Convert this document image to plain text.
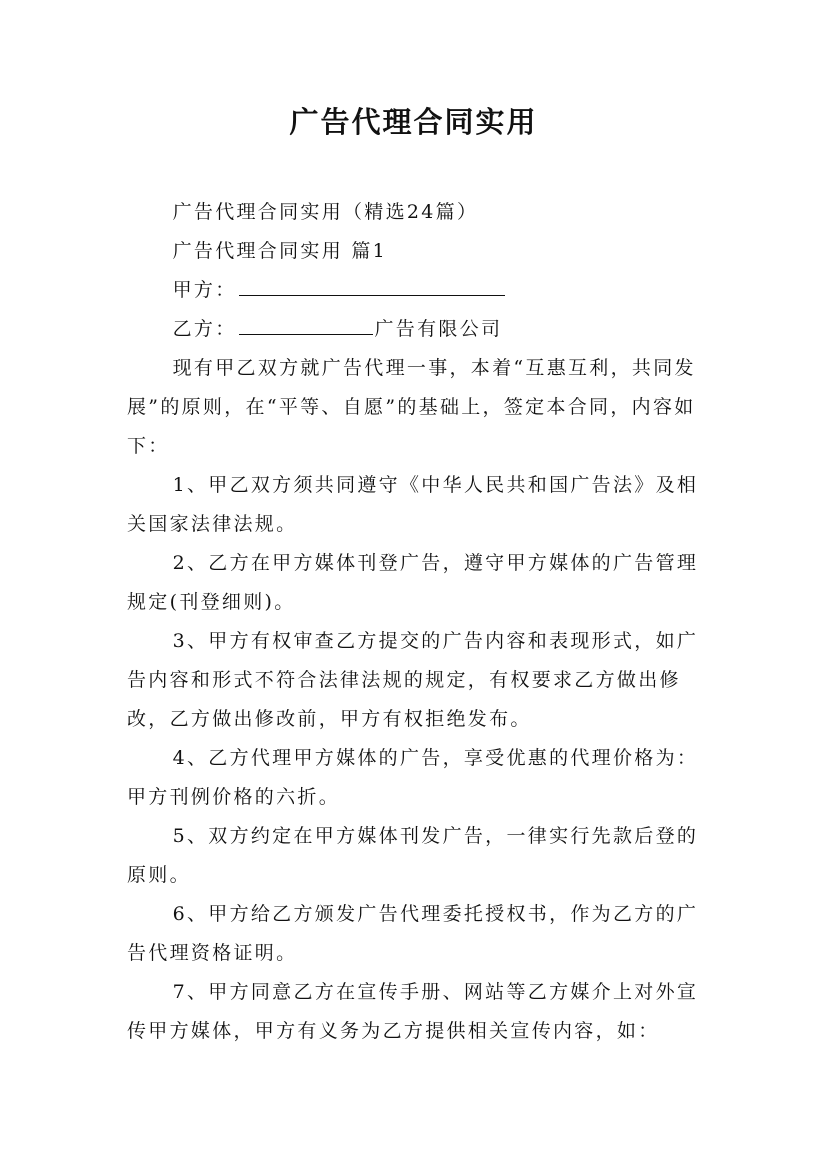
广告代理合同实用

广告代理合同实用（精选24篇）

广告代理合同实用 篇1

甲方：

乙方：	广告有限公司

现有甲乙双方就广告代理一事，本着“互惠互利，共同发展”的原则，在“平等、自愿”的基础上，签定本合同，内容如下：

1、甲乙双方须共同遵守《中华人民共和国广告法》及相关国家法律法规。

2、乙方在甲方媒体刊登广告，遵守甲方媒体的广告管理规定(刊登细则)。

3、甲方有权审查乙方提交的广告内容和表现形式，如广告内容和形式不符合法律法规的规定，有权要求乙方做出修改，乙方做出修改前，甲方有权拒绝发布。

4、乙方代理甲方媒体的广告，享受优惠的代理价格为：甲方刊例价格的六折。

5、双方约定在甲方媒体刊发广告，一律实行先款后登的原则。

6、甲方给乙方颁发广告代理委托授权书，作为乙方的广告代理资格证明。

7、甲方同意乙方在宣传手册、网站等乙方媒介上对外宣传甲方媒体，甲方有义务为乙方提供相关宣传内容，如：
